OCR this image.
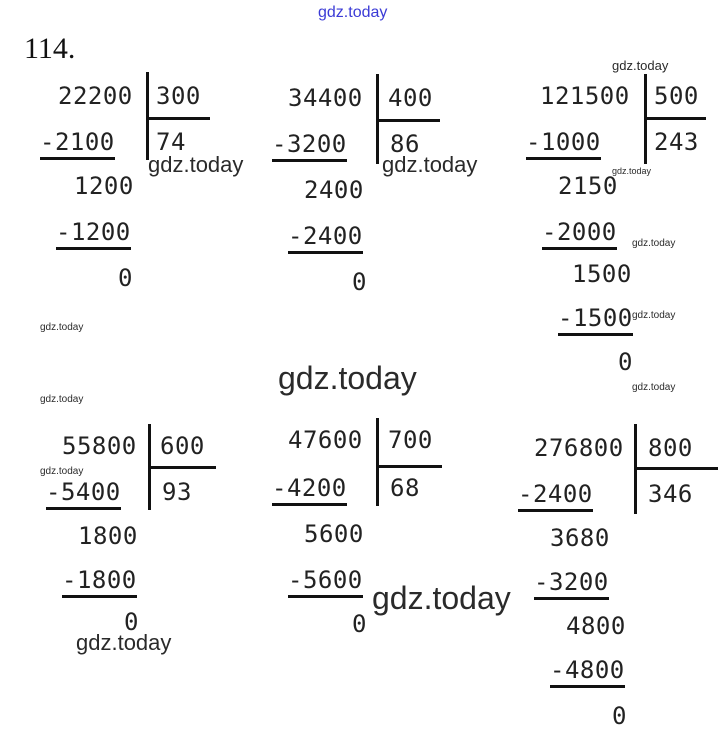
gdz.today
114.
22200 300
74
-2100
1200
-1200
0
34400 400
86
-3200
2400
-2400
0
121500 500
243
-1000
2150
-2000
1500
-1500
0
55800 600
93
-5400
1800
-1800
0
47600 700
68
-4200
5600
-5600
0
276800 800
346
-2400
3680
-3200
4800
-4800
0
gdz.today
gdz.today	gdz.today	gdz.today
gdz.today
gdz.today
gdz.today
gdz.today	gdz.today
gdz.today
gdz.today
gdz.today
gdz.today
